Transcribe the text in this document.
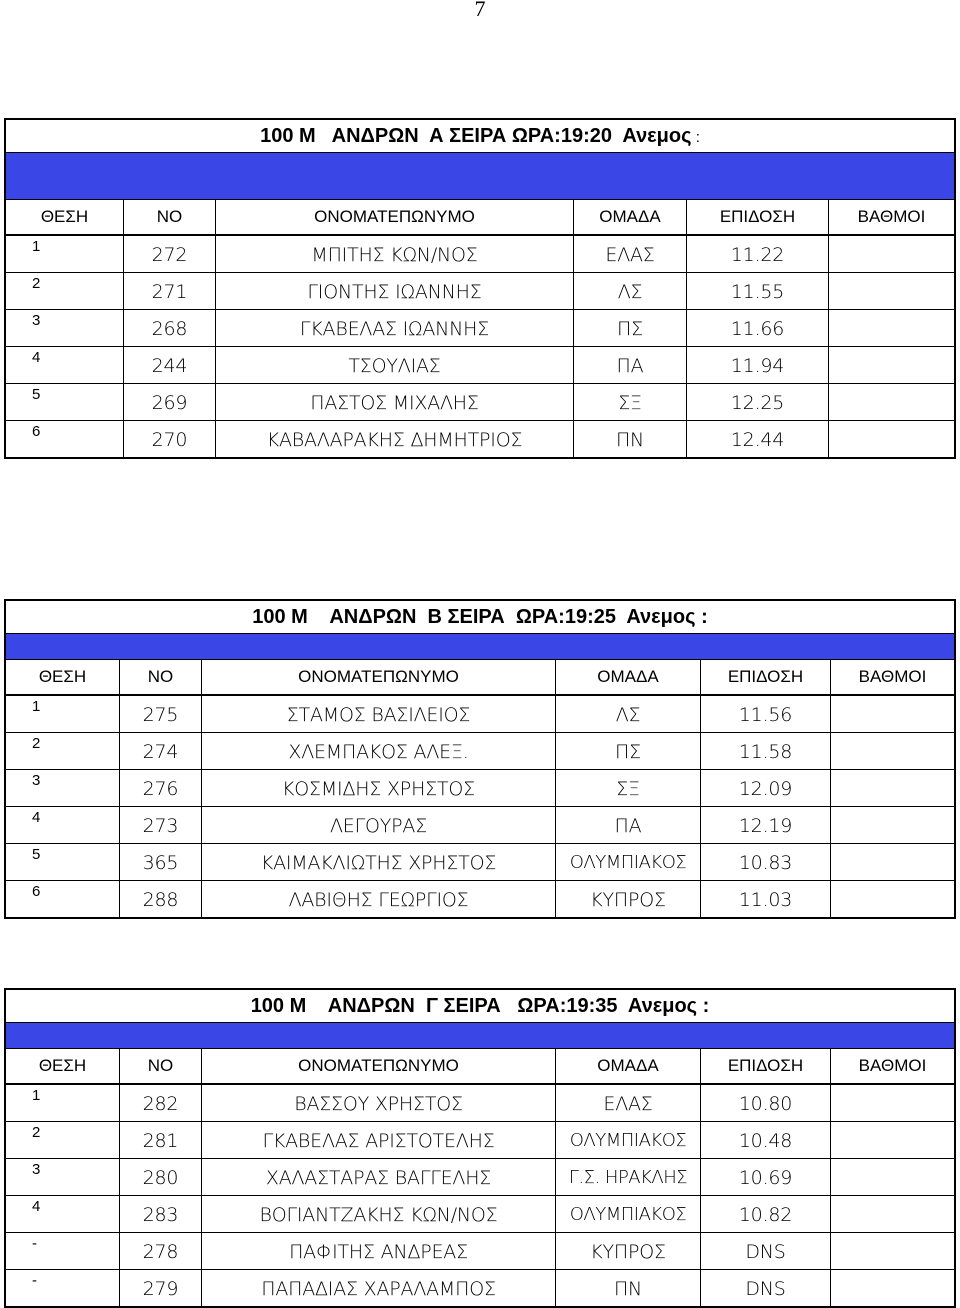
7
100 Μ   ΑΝΔΡΩΝ  Α ΣΕΙΡΑ ΩΡΑ:19:20  Ανεμος :
ΘΕΣΗ	ΝΟ	ΟΝΟΜΑΤΕΠΩΝΥΜΟ	ΟΜΑΔΑ	ΕΠΙΔΟΣΗ	ΒΑΘΜΟΙ
1	272	ΜΠΙΤΗΣ ΚΩΝ/ΝΟΣ	ΕΛΑΣ	11.22
2	271	ΓΙΟΝΤΗΣ ΙΩΑΝΝΗΣ	ΛΣ	11.55
3	268	ΓΚΑΒΕΛΑΣ ΙΩΑΝΝΗΣ	ΠΣ	11.66
4	244	ΤΣΟΥΛΙΑΣ	ΠΑ	11.94
5	269	ΠΑΣΤΟΣ ΜΙΧΑΛΗΣ	ΣΞ	12.25
6	270	ΚΑΒΑΛΑΡΑΚΗΣ ΔΗΜΗΤΡΙΟΣ	ΠΝ	12.44
100 Μ    ΑΝΔΡΩΝ  Β ΣΕΙΡΑ  ΩΡΑ:19:25  Ανεμος :
ΘΕΣΗ	ΝΟ	ΟΝΟΜΑΤΕΠΩΝΥΜΟ	ΟΜΑΔΑ	ΕΠΙΔΟΣΗ	ΒΑΘΜΟΙ
1	275	ΣΤΑΜΟΣ ΒΑΣΙΛΕΙΟΣ	ΛΣ	11.56
2	274	ΧΛΕΜΠΑΚΟΣ ΑΛΕΞ.	ΠΣ	11.58
3	276	ΚΟΣΜΙΔΗΣ ΧΡΗΣΤΟΣ	ΣΞ	12.09
4	273	ΛΕΓΟΥΡΑΣ	ΠΑ	12.19
5	365	ΚΑΙΜΑΚΛΙΩΤΗΣ ΧΡΗΣΤΟΣ	ΟΛΥΜΠΙΑΚΟΣ	10.83
6	288	ΛΑΒΙΘΗΣ ΓΕΩΡΓΙΟΣ	ΚΥΠΡΟΣ	11.03
100 Μ    ΑΝΔΡΩΝ  Γ ΣΕΙΡΑ   ΩΡΑ:19:35  Ανεμος :
ΘΕΣΗ	ΝΟ	ΟΝΟΜΑΤΕΠΩΝΥΜΟ	ΟΜΑΔΑ	ΕΠΙΔΟΣΗ	ΒΑΘΜΟΙ
1	282	ΒΑΣΣΟΥ ΧΡΗΣΤΟΣ	ΕΛΑΣ	10.80
2	281	ΓΚΑΒΕΛΑΣ ΑΡΙΣΤΟΤΕΛΗΣ	ΟΛΥΜΠΙΑΚΟΣ	10.48
3	280	ΧΑΛΑΣΤΑΡΑΣ ΒΑΓΓΕΛΗΣ	Γ.Σ. ΗΡΑΚΛΗΣ	10.69
4	283	ΒΟΓΙΑΝΤΖΑΚΗΣ ΚΩΝ/ΝΟΣ	ΟΛΥΜΠΙΑΚΟΣ	10.82
-	278	ΠΑΦΙΤΗΣ ΑΝΔΡΕΑΣ	ΚΥΠΡΟΣ	DNS
-	279	ΠΑΠΑΔΙΑΣ ΧΑΡΑΛΑΜΠΟΣ	ΠΝ	DNS
